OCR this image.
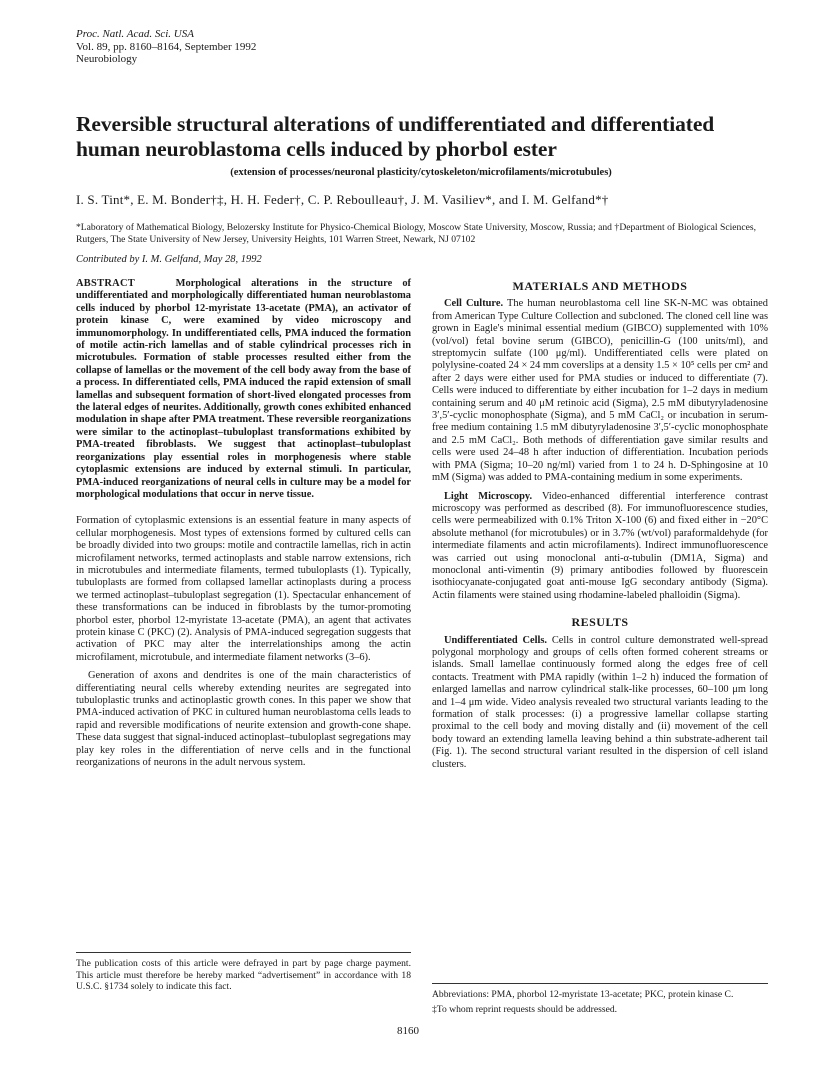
Proc. Natl. Acad. Sci. USA
Vol. 89, pp. 8160–8164, September 1992
Neurobiology
Reversible structural alterations of undifferentiated and differentiated human neuroblastoma cells induced by phorbol ester
(extension of processes/neuronal plasticity/cytoskeleton/microfilaments/microtubules)
I. S. Tint*, E. M. Bonder†‡, H. H. Feder†, C. P. Reboulleau†, J. M. Vasiliev*, and I. M. Gelfand*†
*Laboratory of Mathematical Biology, Belozersky Institute for Physico-Chemical Biology, Moscow State University, Moscow, Russia; and †Department of Biological Sciences, Rutgers, The State University of New Jersey, University Heights, 101 Warren Street, Newark, NJ 07102
Contributed by I. M. Gelfand, May 28, 1992

ABSTRACT	Morphological alterations in the structure of undifferentiated and morphologically differentiated human neuroblastoma cells induced by phorbol 12-myristate 13-acetate (PMA), an activator of protein kinase C, were examined by video microscopy and immunomorphology. In undifferentiated cells, PMA induced the formation of motile actin-rich lamellas and of stable cylindrical processes rich in microtubules. Formation of stable processes resulted either from the collapse of lamellas or the movement of the cell body away from the base of a process. In differentiated cells, PMA induced the rapid extension of small lamellas and subsequent formation of short-lived elongated processes from the lateral edges of neurites. Additionally, growth cones exhibited enhanced modulation in shape after PMA treatment. These reversible reorganizations were similar to the actinoplast–tubuloplast transformations exhibited by PMA-treated fibroblasts. We suggest that actinoplast–tubuloplast reorganizations play essential roles in morphogenesis where stable cytoplasmic extensions are induced by external stimuli. In particular, PMA-induced reorganizations of neural cells in culture may be a model for morphological modulations that occur in nerve tissue.

Formation of cytoplasmic extensions is an essential feature in many aspects of cellular morphogenesis. Most types of extensions formed by cultured cells can be broadly divided into two groups: motile and contractile lamellas, rich in actin microfilament networks, termed actinoplasts and stable narrow extensions, rich in microtubules and intermediate filaments, termed tubuloplasts (1). Typically, tubuloplasts are formed from collapsed lamellar actinoplasts during a process we termed actinoplast–tubuloplast segregation (1). Spectacular enhancement of these transformations can be induced in fibroblasts by the tumor-promoting phorbol ester, phorbol 12-myristate 13-acetate (PMA), an agent that activates protein kinase C (PKC) (2). Analysis of PMA-induced segregation suggests that activation of PKC may alter the interrelationships among the actin microfilament, microtubule, and intermediate filament networks (3–6).

Generation of axons and dendrites is one of the main characteristics of differentiating neural cells whereby extending neurites are segregated into tubuloplastic trunks and actinoplastic growth cones. In this paper we show that PMA-induced activation of PKC in cultured human neuroblastoma cells leads to rapid and reversible modifications of neurite extension and growth-cone shape. These data suggest that signal-induced actinoplast–tubuloplast segregations may play key roles in the differentiation of nerve cells and in the functional reorganizations of neurons in the adult nervous system.

The publication costs of this article were defrayed in part by page charge payment. This article must therefore be hereby marked “advertisement” in accordance with 18 U.S.C. §1734 solely to indicate this fact.

MATERIALS AND METHODS

Cell Culture. The human neuroblastoma cell line SK-N-MC was obtained from American Type Culture Collection and subcloned. The cloned cell line was grown in Eagle's minimal essential medium (GIBCO) supplemented with 10% (vol/vol) fetal bovine serum (GIBCO), penicillin-G (100 units/ml), and streptomycin sulfate (100 μg/ml). Undifferentiated cells were plated on polylysine-coated 24 × 24 mm coverslips at a density 1.5 × 10⁵ cells per cm² and after 2 days were either used for PMA studies or induced to differentiate (7). Cells were induced to differentiate by either incubation for 1–2 days in medium containing serum and 40 μM retinoic acid (Sigma), 2.5 mM dibutyryladenosine 3′,5′-cyclic monophosphate (Sigma), and 5 mM CaCl₂ or incubation in serum-free medium containing 1.5 mM dibutyryladenosine 3′,5′-cyclic monophosphate and 2.5 mM CaCl₂. Both methods of differentiation gave similar results and cells were used 24–48 h after induction of differentiation. Incubation periods with PMA (Sigma; 10–20 ng/ml) varied from 1 to 24 h. D-Sphingosine at 10 mM (Sigma) was added to PMA-containing medium in some experiments.

Light Microscopy. Video-enhanced differential interference contrast microscopy was performed as described (8). For immunofluorescence studies, cells were permeabilized with 0.1% Triton X-100 (6) and fixed either in −20°C absolute methanol (for microtubules) or in 3.7% (wt/vol) paraformaldehyde (for intermediate filaments and actin microfilaments). Indirect immunofluorescence was carried out using monoclonal anti-α-tubulin (DM1A, Sigma) and monoclonal anti-vimentin (9) primary antibodies followed by fluorescein isothiocyanate-conjugated goat anti-mouse IgG secondary antibody (Sigma). Actin filaments were stained using rhodamine-labeled phalloidin (Sigma).

RESULTS

Undifferentiated Cells. Cells in control culture demonstrated well-spread polygonal morphology and groups of cells often formed coherent streams or islands. Small lamellae continuously formed along the edges free of cell contacts. Treatment with PMA rapidly (within 1–2 h) induced the formation of enlarged lamellas and narrow cylindrical stalk-like processes, 60–100 μm long and 1–4 μm wide. Video analysis revealed two structural variants leading to the formation of stalk processes: (i) a progressive lamellar collapse starting proximal to the cell body and moving distally and (ii) movement of the cell body toward an extending lamella leaving behind a thin substrate-adherent tail (Fig. 1). The second structural variant resulted in the dispersion of cell island clusters.

Abbreviations: PMA, phorbol 12-myristate 13-acetate; PKC, protein kinase C.

‡To whom reprint requests should be addressed.

8160
